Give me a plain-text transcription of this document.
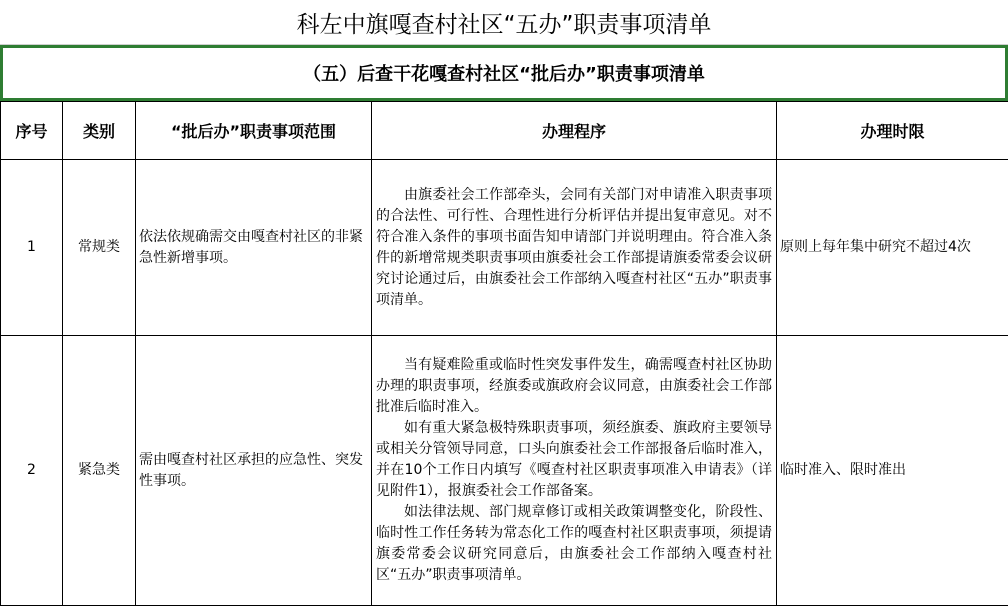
科左中旗嘎查村社区“五办”职责事项清单
（五）后查干花嘎查村社区“批后办”职责事项清单
序号	类别	“批后办”职责事项范围	办理程序	办理时限
1	常规类	依法依规确需交由嘎查村社区的非紧急性新增事项。	由旗委社会工作部牵头，会同有关部门对申请准入职责事项的合法性、可行性、合理性进行分析评估并提出复审意见。对不符合准入条件的事项书面告知申请部门并说明理由。符合准入条件的新增常规类职责事项由旗委社会工作部提请旗委常委会议研究讨论通过后，由旗委社会工作部纳入嘎查村社区“五办”职责事项清单。	原则上每年集中研究不超过4次
2	紧急类	需由嘎查村社区承担的应急性、突发性事项。	当有疑难险重或临时性突发事件发生，确需嘎查村社区协助办理的职责事项，经旗委或旗政府会议同意，由旗委社会工作部批准后临时准入。

如有重大紧急极特殊职责事项，须经旗委、旗政府主要领导或相关分管领导同意，口头向旗委社会工作部报备后临时准入，并在10个工作日内填写《嘎查村社区职责事项准入申请表》（详见附件1），报旗委社会工作部备案。

如法律法规、部门规章修订或相关政策调整变化，阶段性、临时性工作任务转为常态化工作的嘎查村社区职责事项，须提请旗委常委会议研究同意后，由旗委社会工作部纳入嘎查村社区“五办”职责事项清单。	临时准入、限时准出
